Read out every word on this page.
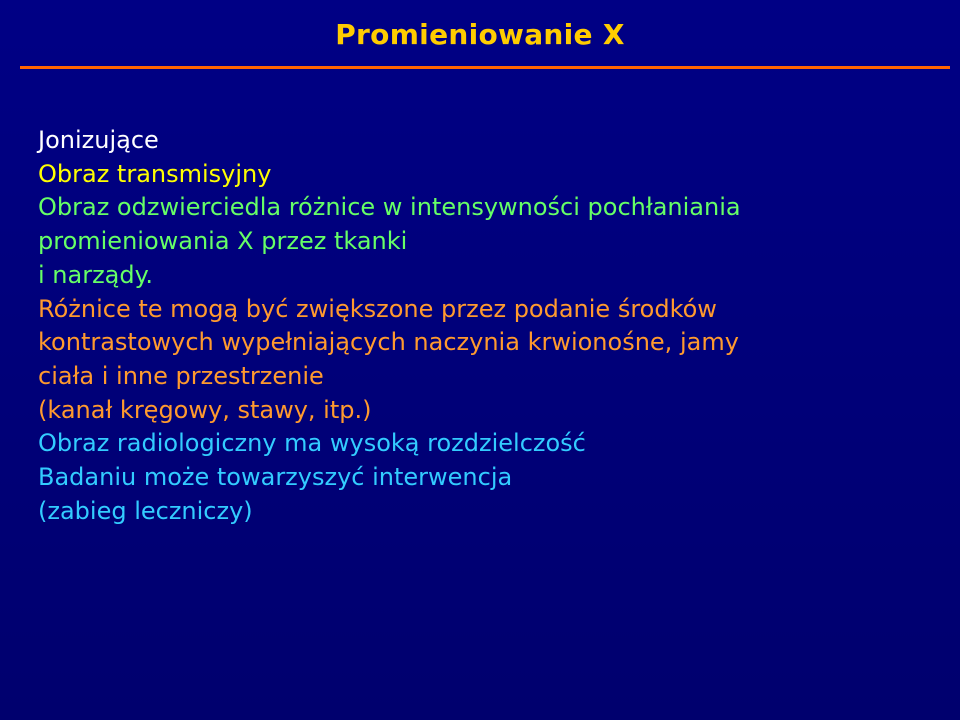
Promieniowanie X

Jonizujące

Obraz transmisyjny

Obraz odzwierciedla różnice w intensywności pochłaniania

promieniowania X przez tkanki

i narządy.

Różnice te mogą być zwiększone przez podanie środków

kontrastowych wypełniających naczynia krwionośne, jamy

ciała i inne przestrzenie

(kanał kręgowy, stawy, itp.)

Obraz radiologiczny ma wysoką rozdzielczość

Badaniu może towarzyszyć interwencja

(zabieg leczniczy)
